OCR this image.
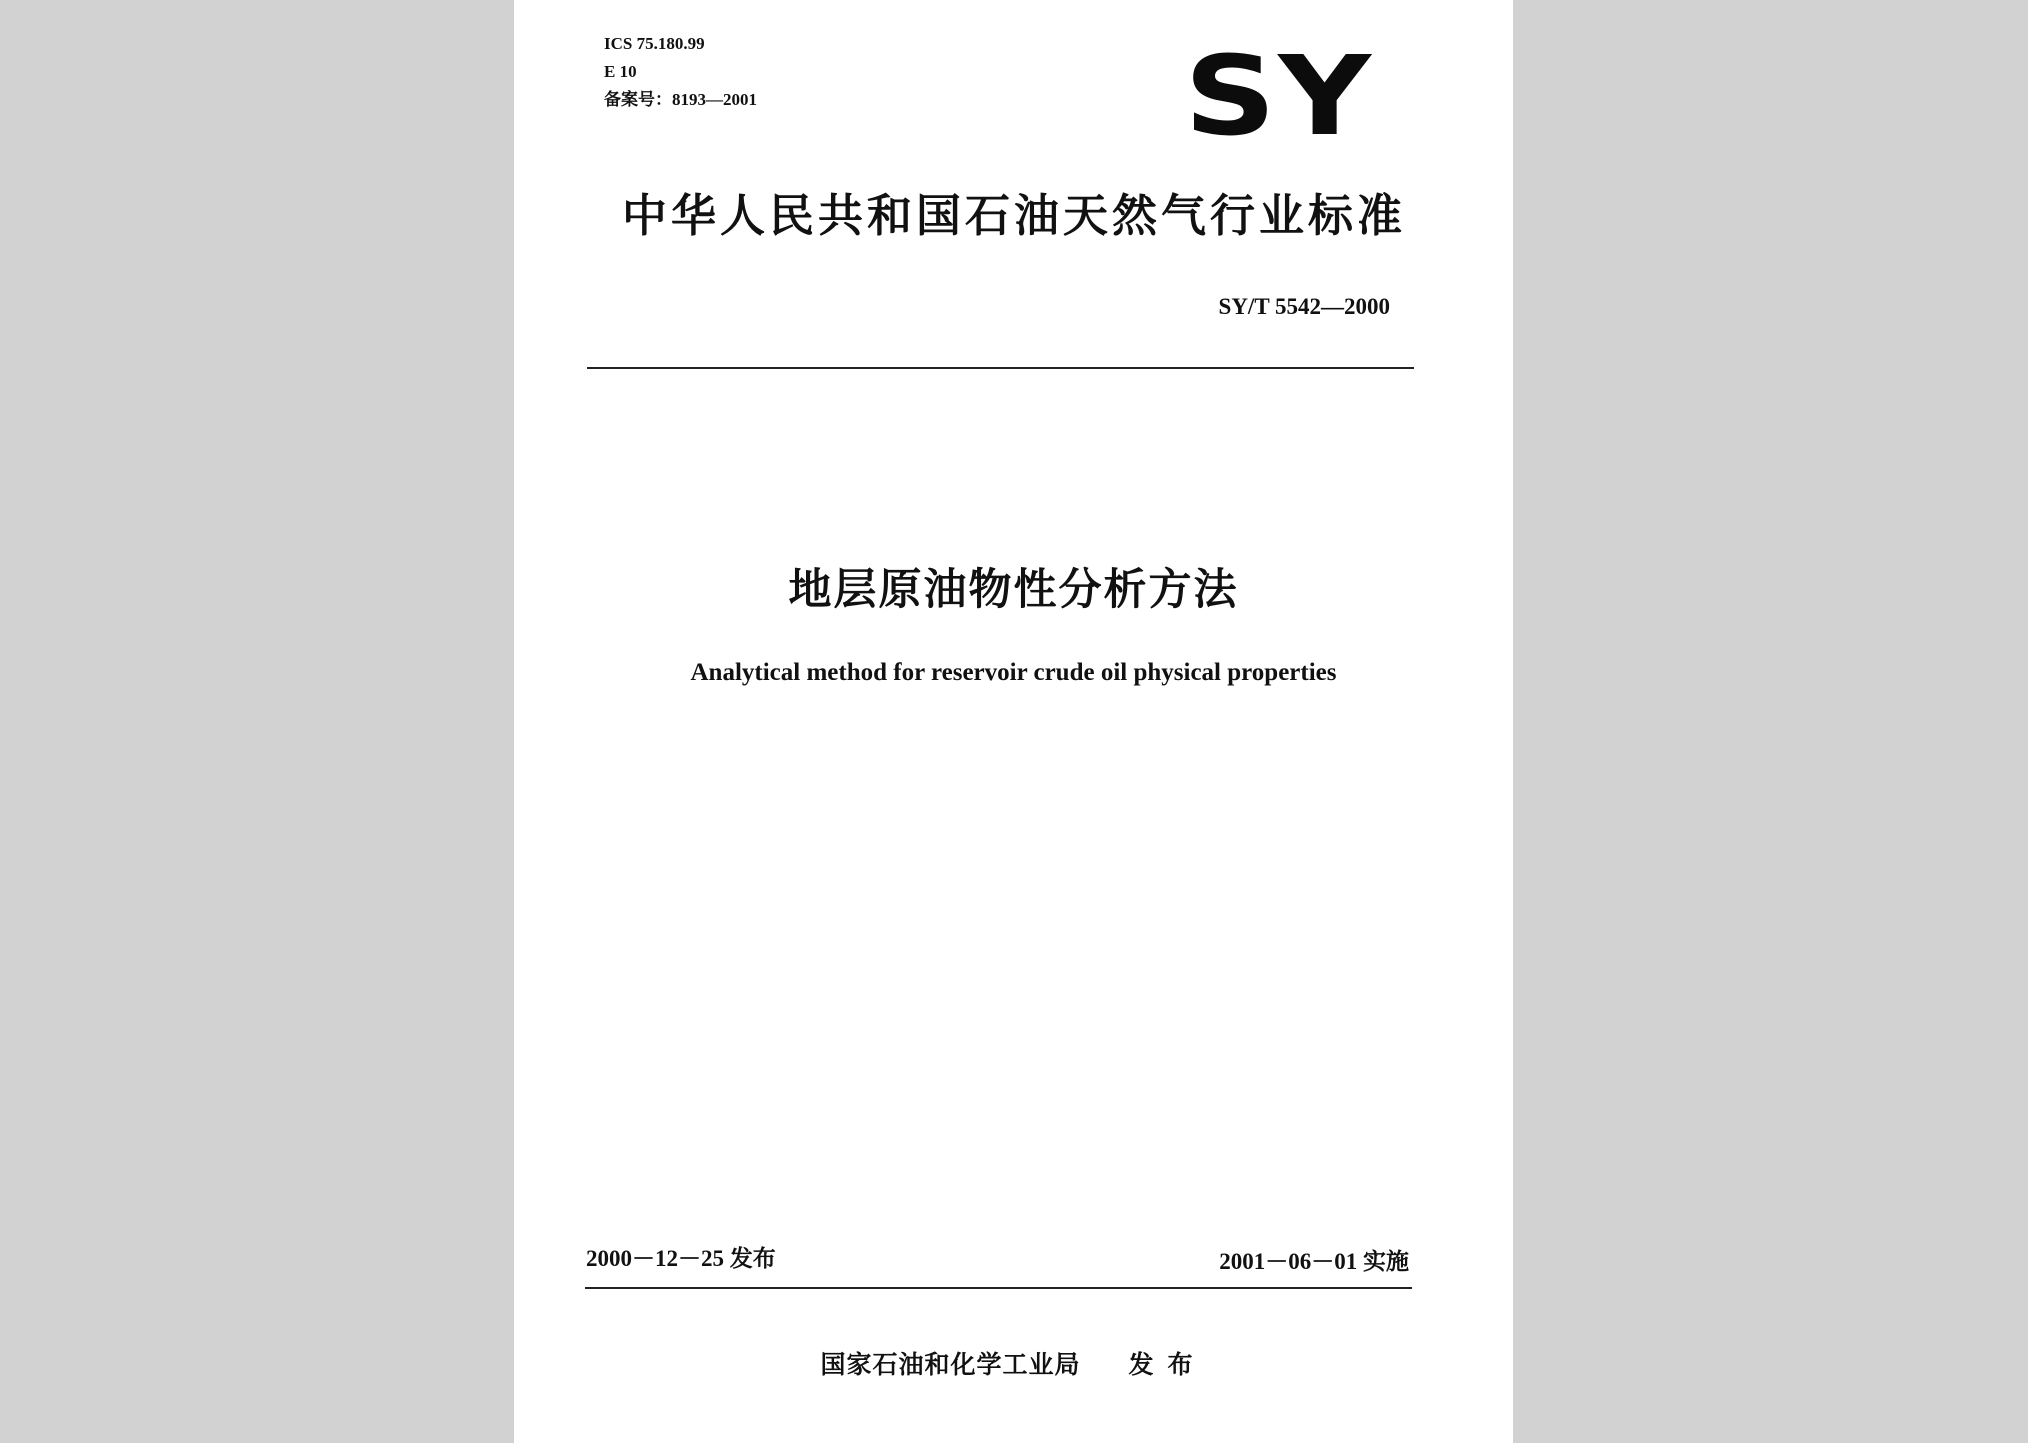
ICS 75.180.99
E 10
备案号：8193—2001	SY
中华人民共和国石油天然气行业标准
SY/T 5542—2000
地层原油物性分析方法
Analytical method for reservoir crude oil physical properties
2000－12－25 发布	2001－06－01 实施
国家石油和化学工业局 发布
